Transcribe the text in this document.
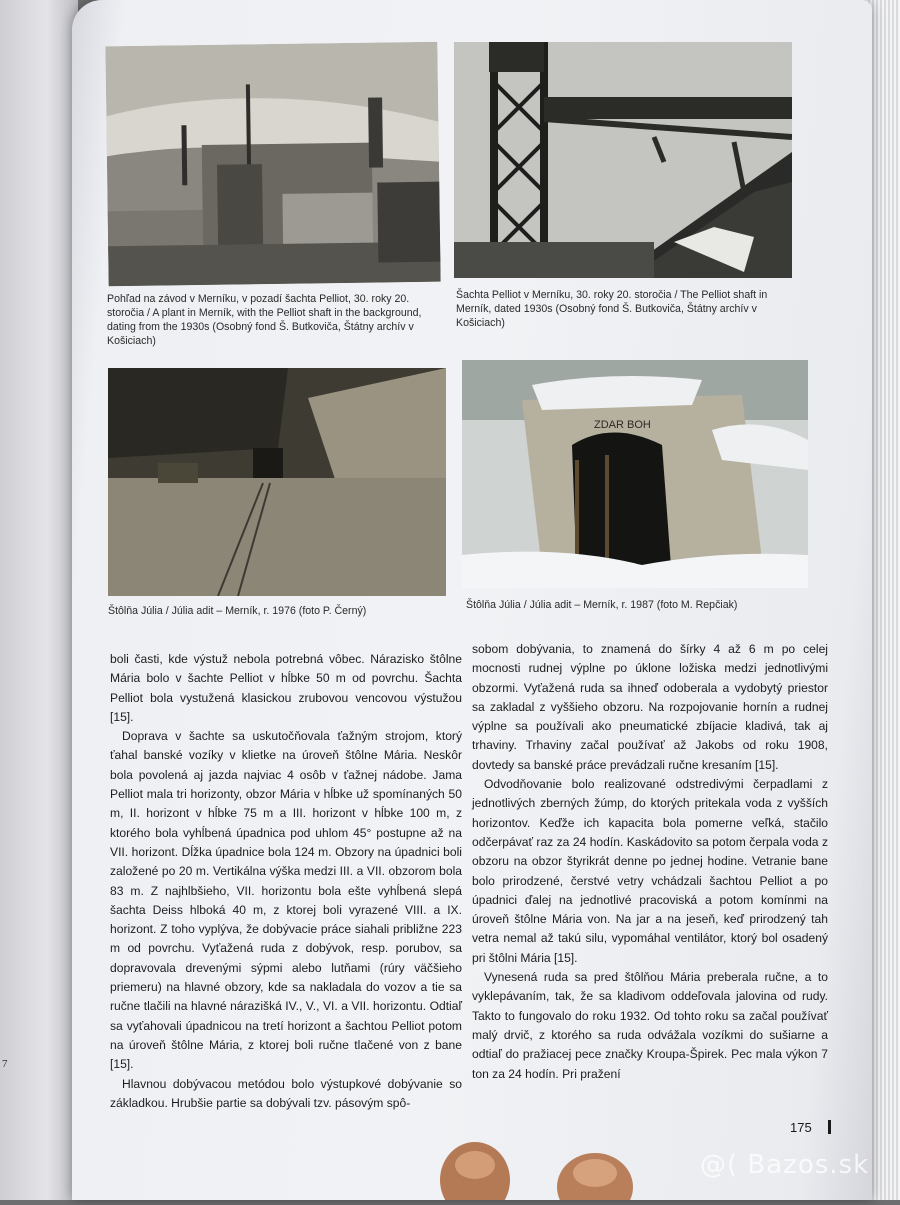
7
Pohľad na závod v Merníku, v pozadí šachta Pelliot, 30. roky 20. storočia / A plant in Merník, with the Pelliot shaft in the background, dating from the 1930s (Osobný fond Š. Butkoviča, Štátny archív v Košiciach)
Šachta Pelliot v Merníku, 30. roky 20. storočia / The Pelliot shaft in Merník, dated 1930s (Osobný fond Š. Butkoviča, Štátny archív v Košiciach)
Štôlňa Júlia / Júlia adit – Merník, r. 1976 (foto P. Černý)
ZDAR BOH
Štôlňa Júlia / Júlia adit – Merník, r. 1987 (foto M. Repčiak)

boli časti, kde výstuž nebola potrebná vôbec. Nárazisko štôlne Mária bolo v šachte Pelliot v hĺbke 50 m od povrchu. Šachta Pelliot bola vystužená klasickou zrubovou vencovou výstužou [15].

Doprava v šachte sa uskutočňovala ťažným strojom, ktorý ťahal banské vozíky v klietke na úroveň štôlne Mária. Neskôr bola povolená aj jazda najviac 4 osôb v ťažnej nádobe. Jama Pelliot mala tri horizonty, obzor Mária v hĺbke už spomínaných 50 m, II. horizont v hĺbke 75 m a III. horizont v hĺbke 100 m, z ktorého bola vyhĺbená úpadnica pod uhlom 45° postupne až na VII. horizont. Dĺžka úpadnice bola 124 m. Obzory na úpadnici boli založené po 20 m. Vertikálna výška medzi III. a VII. obzorom bola 83 m. Z najhlbšieho, VII. horizontu bola ešte vyhĺbená slepá šachta Deiss hlboká 40 m, z ktorej boli vyrazené VIII. a IX. horizont. Z toho vyplýva, že dobývacie práce siahali približne 223 m od povrchu. Vyťažená ruda z dobývok, resp. porubov, sa dopravovala drevenými sýpmi alebo lutňami (rúry väčšieho priemeru) na hlavné obzory, kde sa nakladala do vozov a tie sa ručne tlačili na hlavné nárazišká IV., V., VI. a VII. horizontu. Odtiaľ sa vyťahovali úpadnicou na tretí horizont a šachtou Pelliot potom na úroveň štôlne Mária, z ktorej boli ručne tlačené von z bane [15].

Hlavnou dobývacou metódou bolo výstupkové dobývanie so základkou. Hrubšie partie sa dobývali tzv. pásovým spô-

sobom dobývania, to znamená do šírky 4 až 6 m po celej mocnosti rudnej výplne po úklone ložiska medzi jednotlivými obzormi. Vyťažená ruda sa ihneď odoberala a vydobytý priestor sa zakladal z vyššieho obzoru. Na rozpojovanie hornín a rudnej výplne sa používali ako pneumatické zbíjacie kladivá, tak aj trhaviny. Trhaviny začal používať až Jakobs od roku 1908, dovtedy sa banské práce prevádzali ručne kresaním [15].

Odvodňovanie bolo realizované odstredivými čerpadlami z jednotlivých zberných žúmp, do ktorých pritekala voda z vyšších horizontov. Keďže ich kapacita bola pomerne veľká, stačilo odčerpávať raz za 24 hodín. Kaskádovito sa potom čerpala voda z obzoru na obzor štyrikrát denne po jednej hodine. Vetranie bane bolo prirodzené, čerstvé vetry vchádzali šachtou Pelliot a po úpadnici ďalej na jednotlivé pracoviská a potom komínmi na úroveň štôlne Mária von. Na jar a na jeseň, keď prirodzený tah vetra nemal až takú silu, vypomáhal ventilátor, ktorý bol osadený pri štôlni Mária [15].

Vynesená ruda sa pred štôlňou Mária preberala ručne, a to vyklepávaním, tak, že sa kladivom oddeľovala jalovina od rudy. Takto to fungovalo do roku 1932. Od tohto roku sa začal používať malý drvič, z ktorého sa ruda odvážala vozíkmi do sušiarne a odtiaľ do pražiacej pece značky Kroupa-Špirek. Pec mala výkon 7 ton za 24 hodín. Pri pražení

175
@( Bazos.sk
